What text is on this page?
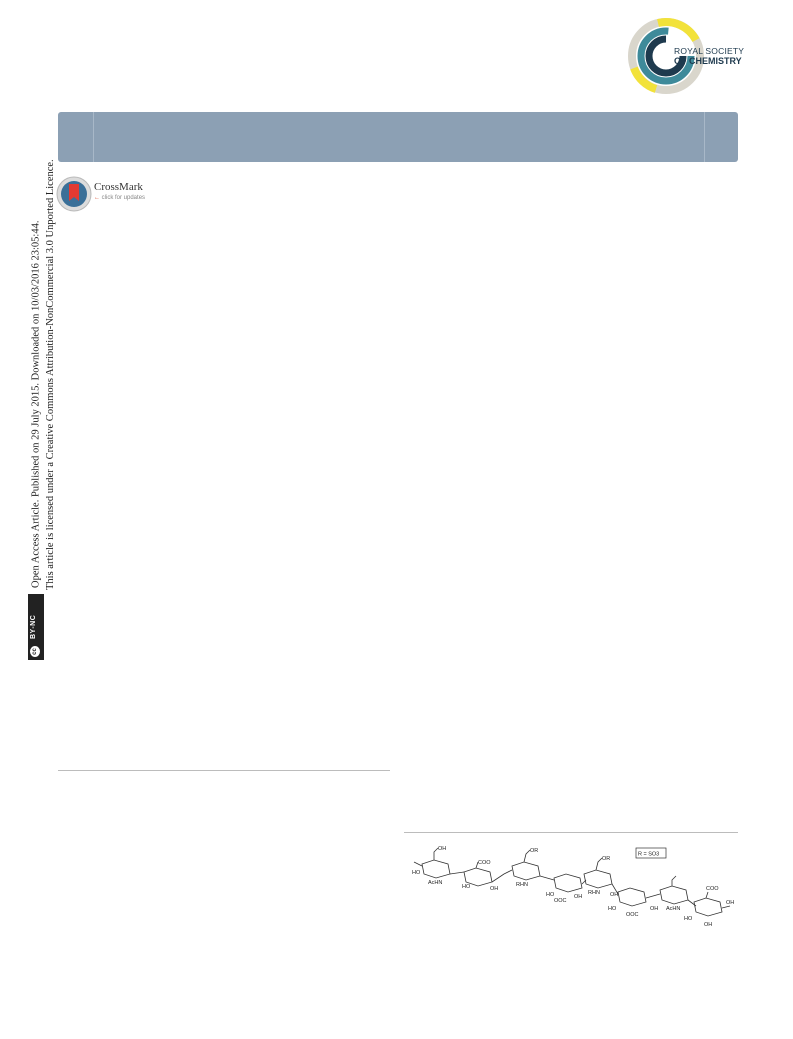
ROYAL SOCIETY
OF CHEMISTRY
cc
BY-NC
Open Access Article. Published on 29 July 2015. Downloaded on 10/03/2016 23:05:44. This article is licensed under a Creative Commons Attribution-NonCommercial 3.0 Unported Licence.	CrossMark
← click for updates
R = SO3
OH
HO
AcHN
COO
HO	OH
OR
RHN
HO
OOC
OH
OR
RHN OH
HO
OOC
OH AcHN
COO
HO
OH
OH
